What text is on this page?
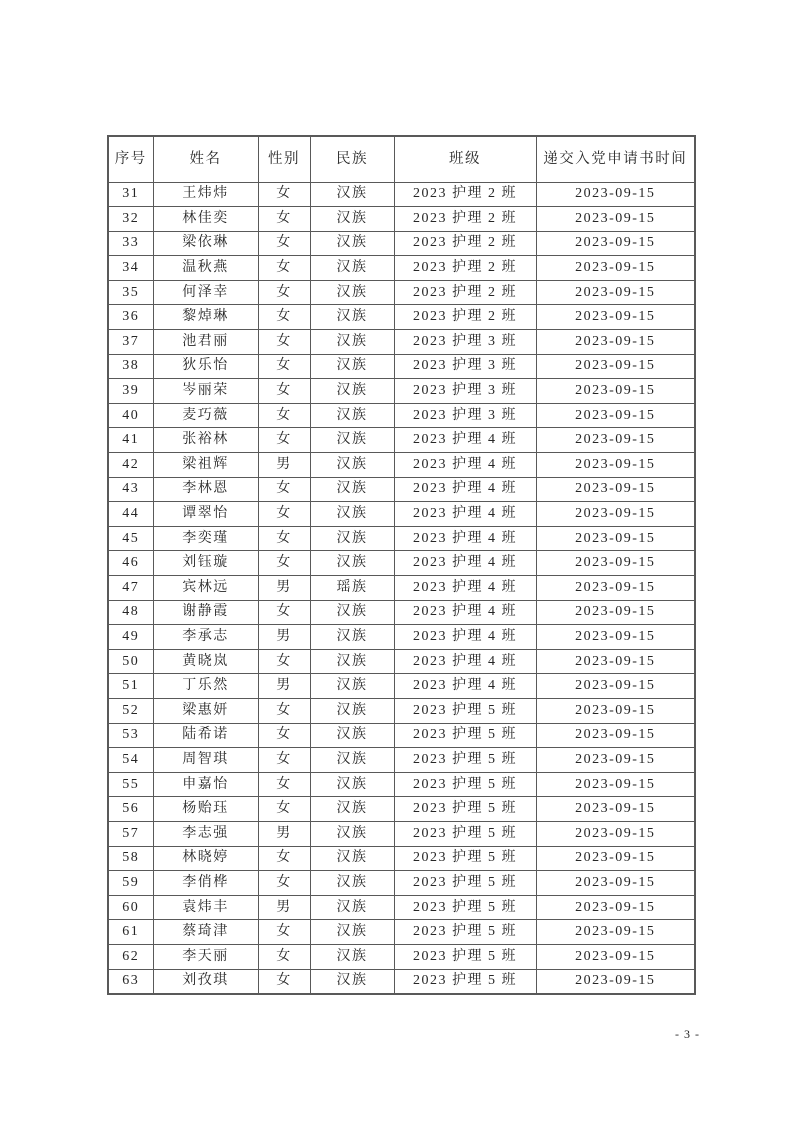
序号	姓名	性别	民族	班级	递交入党申请书时间
31	王炜炜	女	汉族	2023 护理 2 班	2023-09-15
32	林佳奕	女	汉族	2023 护理 2 班	2023-09-15
33	梁依琳	女	汉族	2023 护理 2 班	2023-09-15
34	温秋燕	女	汉族	2023 护理 2 班	2023-09-15
35	何泽幸	女	汉族	2023 护理 2 班	2023-09-15
36	黎焯琳	女	汉族	2023 护理 2 班	2023-09-15
37	池君丽	女	汉族	2023 护理 3 班	2023-09-15
38	狄乐怡	女	汉族	2023 护理 3 班	2023-09-15
39	岑丽荣	女	汉族	2023 护理 3 班	2023-09-15
40	麦巧薇	女	汉族	2023 护理 3 班	2023-09-15
41	张裕林	女	汉族	2023 护理 4 班	2023-09-15
42	梁祖辉	男	汉族	2023 护理 4 班	2023-09-15
43	李林恩	女	汉族	2023 护理 4 班	2023-09-15
44	谭翠怡	女	汉族	2023 护理 4 班	2023-09-15
45	李奕瑾	女	汉族	2023 护理 4 班	2023-09-15
46	刘钰璇	女	汉族	2023 护理 4 班	2023-09-15
47	宾林远	男	瑶族	2023 护理 4 班	2023-09-15
48	谢静霞	女	汉族	2023 护理 4 班	2023-09-15
49	李承志	男	汉族	2023 护理 4 班	2023-09-15
50	黄晓岚	女	汉族	2023 护理 4 班	2023-09-15
51	丁乐然	男	汉族	2023 护理 4 班	2023-09-15
52	梁惠妍	女	汉族	2023 护理 5 班	2023-09-15
53	陆希诺	女	汉族	2023 护理 5 班	2023-09-15
54	周智琪	女	汉族	2023 护理 5 班	2023-09-15
55	申嘉怡	女	汉族	2023 护理 5 班	2023-09-15
56	杨贻珏	女	汉族	2023 护理 5 班	2023-09-15
57	李志强	男	汉族	2023 护理 5 班	2023-09-15
58	林晓婷	女	汉族	2023 护理 5 班	2023-09-15
59	李俏桦	女	汉族	2023 护理 5 班	2023-09-15
60	袁炜丰	男	汉族	2023 护理 5 班	2023-09-15
61	蔡琦津	女	汉族	2023 护理 5 班	2023-09-15
62	李天丽	女	汉族	2023 护理 5 班	2023-09-15
63	刘孜琪	女	汉族	2023 护理 5 班	2023-09-15
- 3 -
